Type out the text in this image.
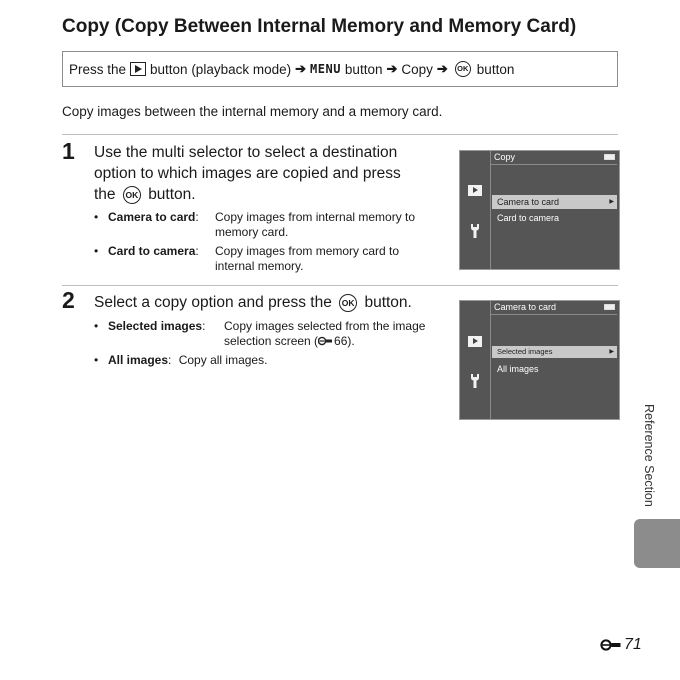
Copy (Copy Between Internal Memory and Memory Card)
Press the button (playback mode) ➔ MENU button ➔ Copy ➔	OK button
Copy images between the internal memory and a memory card.
1 Use the multi selector to select a destination
option to which images are copied and press
the OK button.
• Camera to card: Copy images from internal memory to
memory card.
• Card to camera: Copy images from memory card to
internal memory.
Copy
Camera to card	▶
Card to camera
2 Select a copy option and press the OK button.
• Selected images: Copy images selected from the image
selection screen ( 66).
• All images: Copy all images.
Camera to card
Selected images	▶
All images
Reference Section
71
